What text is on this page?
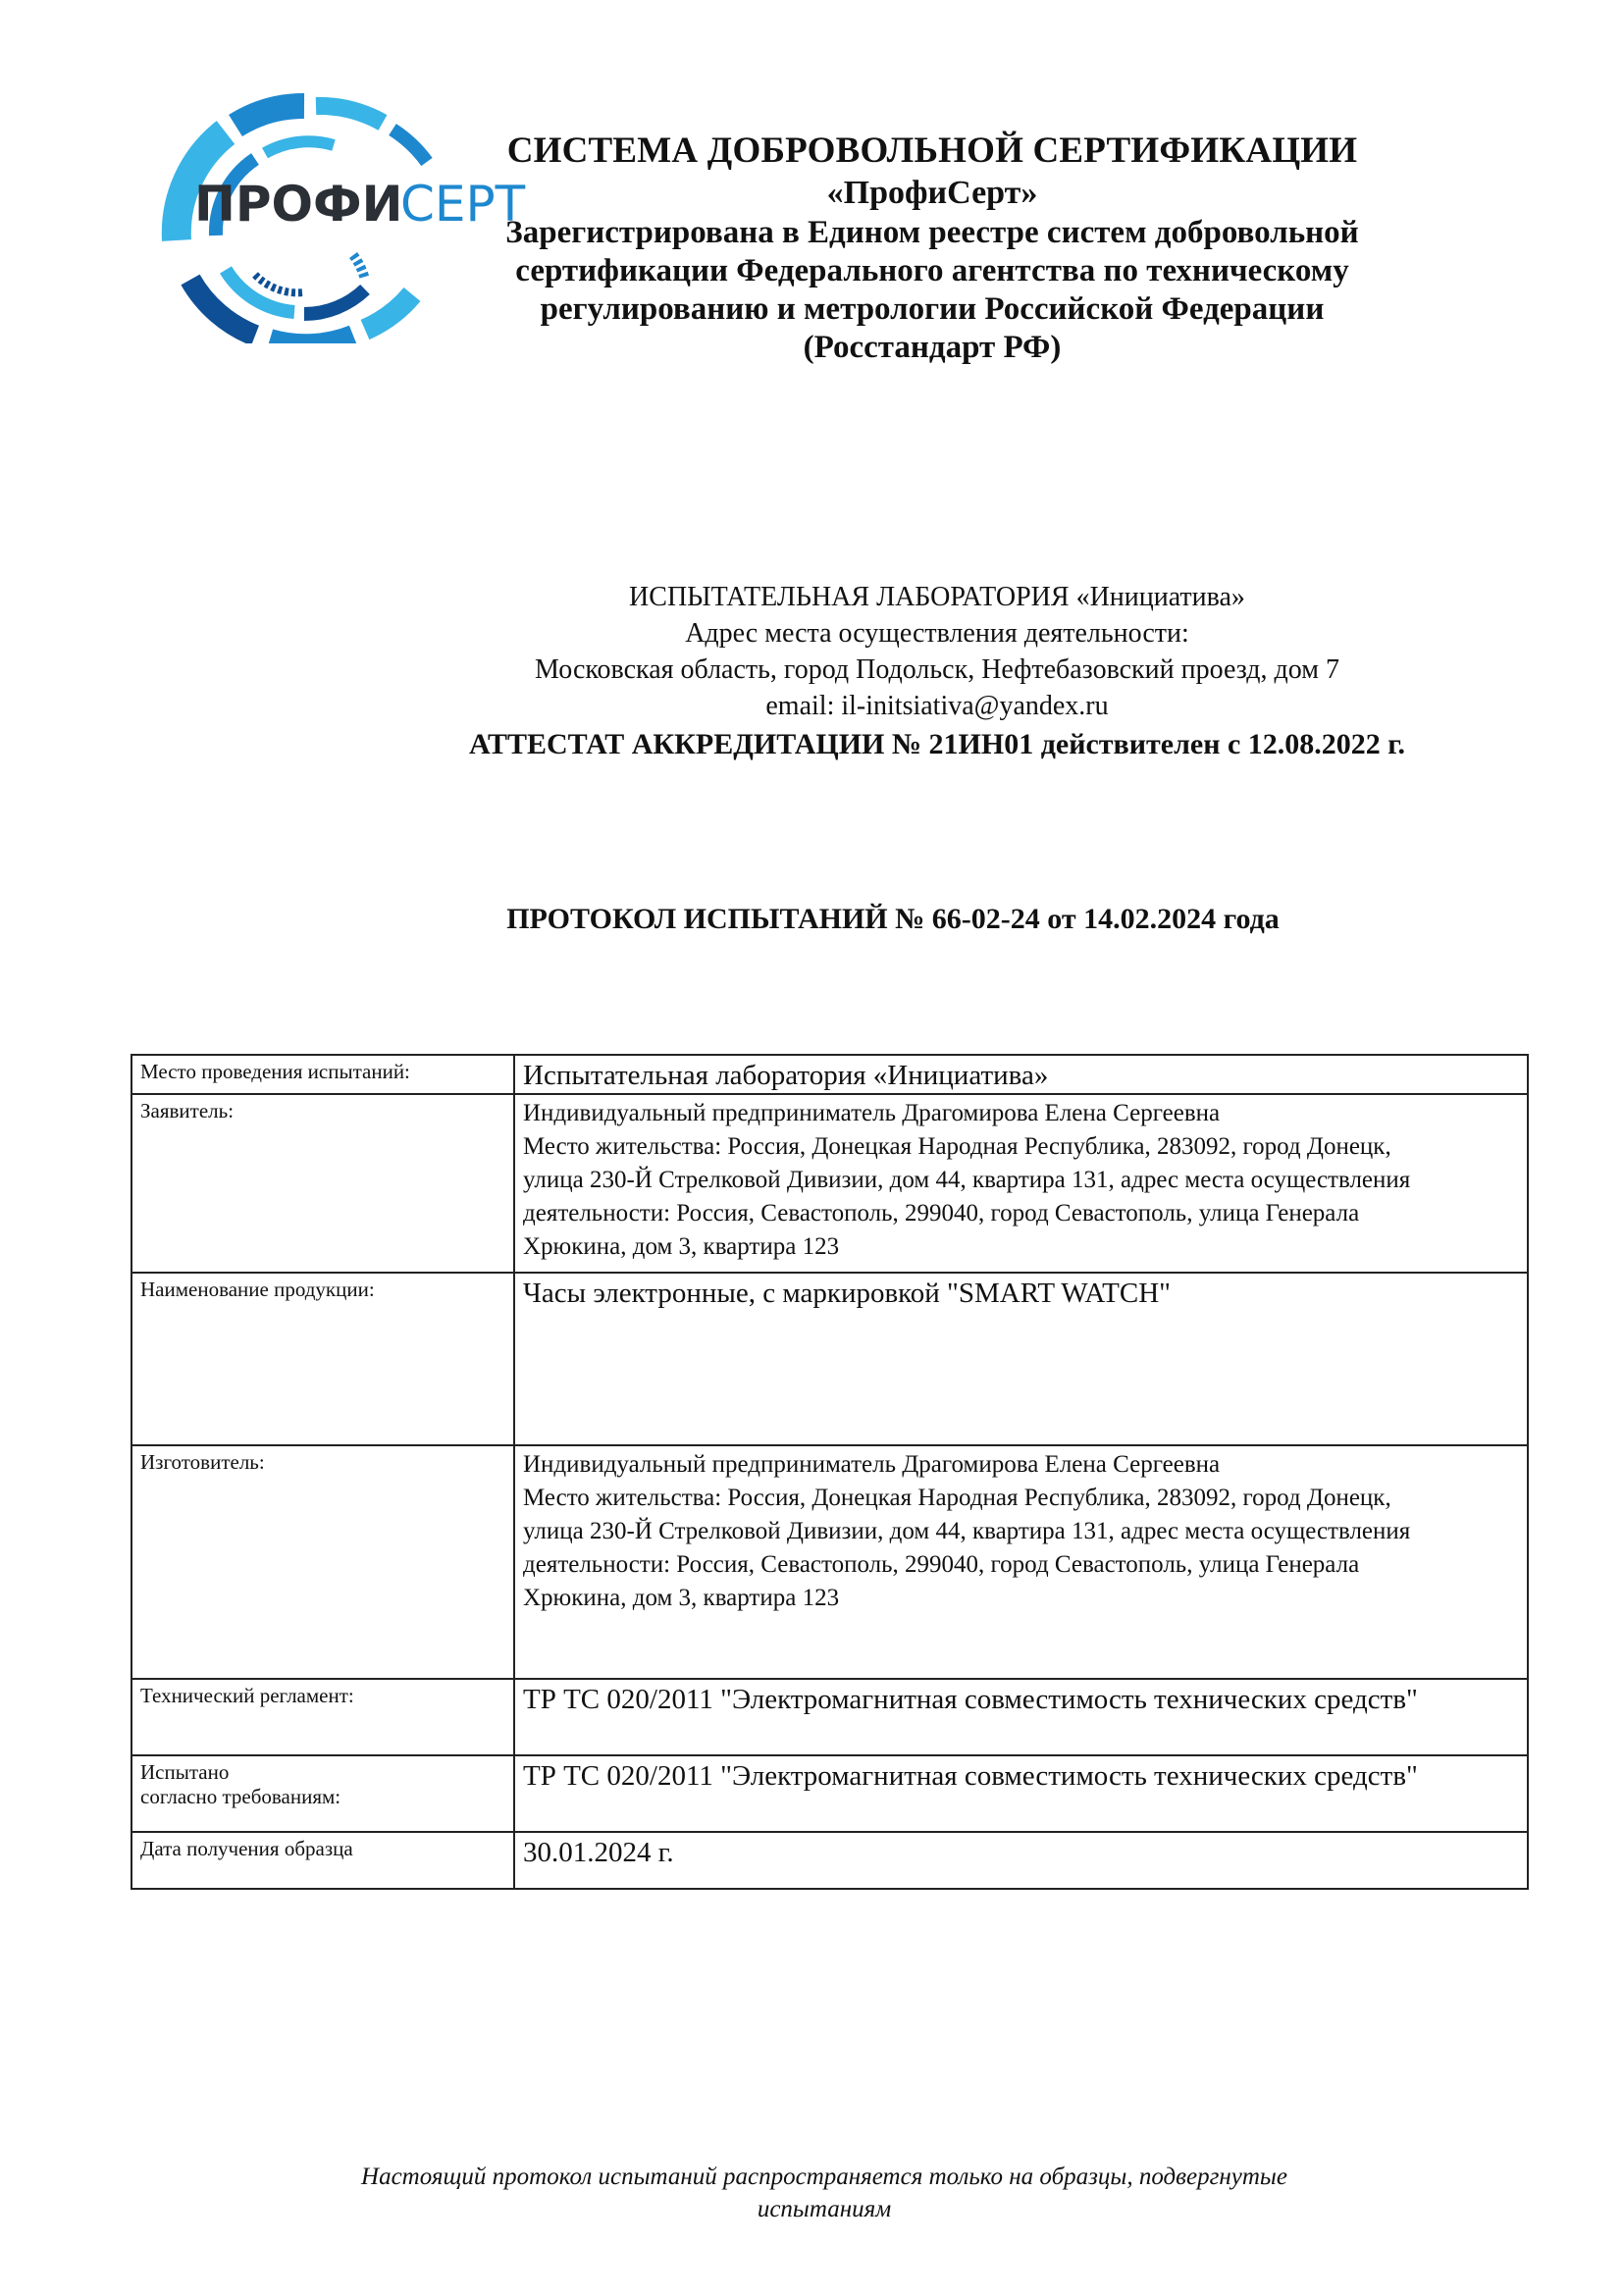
ПРОФИ
СЕРТ
СИСТЕМА ДОБРОВОЛЬНОЙ СЕРТИФИКАЦИИ
«ПрофиСерт»
Зарегистрирована в Едином реестре систем добровольной
сертификации Федерального агентства по техническому
регулированию и метрологии Российской Федерации
(Росстандарт РФ)
ИСПЫТАТЕЛЬНАЯ ЛАБОРАТОРИЯ «Инициатива»
Адрес места осуществления деятельности:
Московская область, город Подольск, Нефтебазовский проезд, дом 7
email: il-initsiativa@yandex.ru
АТТЕСТАТ АККРЕДИТАЦИИ № 21ИН01 действителен с 12.08.2022 г.
ПРОТОКОЛ ИСПЫТАНИЙ № 66-02-24 от 14.02.2024 года
Место проведения испытаний:	Испытательная лаборатория «Инициатива»

Заявитель:	Индивидуальный предприниматель Драгомирова Елена Сергеевна
Место жительства: Россия, Донецкая Народная Республика, 283092, город Донецк,
улица 230-Й Стрелковой Дивизии, дом 44, квартира 131, адрес места осуществления
деятельности: Россия, Севастополь, 299040, город Севастополь, улица Генерала
Хрюкина, дом 3, квартира 123

Наименование продукции:	Часы электронные, с маркировкой "SMART WATCH"

Изготовитель:	Индивидуальный предприниматель Драгомирова Елена Сергеевна
Место жительства: Россия, Донецкая Народная Республика, 283092, город Донецк,
улица 230-Й Стрелковой Дивизии, дом 44, квартира 131, адрес места осуществления
деятельности: Россия, Севастополь, 299040, город Севастополь, улица Генерала
Хрюкина, дом 3, квартира 123

Технический регламент:	ТР ТС 020/2011 "Электромагнитная совместимость технических средств"

Испытано
согласно требованиям:	ТР ТС 020/2011 "Электромагнитная совместимость технических средств"

Дата получения образца	30.01.2024 г.
Настоящий протокол испытаний распространяется только на образцы, подвергнутые
испытаниям
